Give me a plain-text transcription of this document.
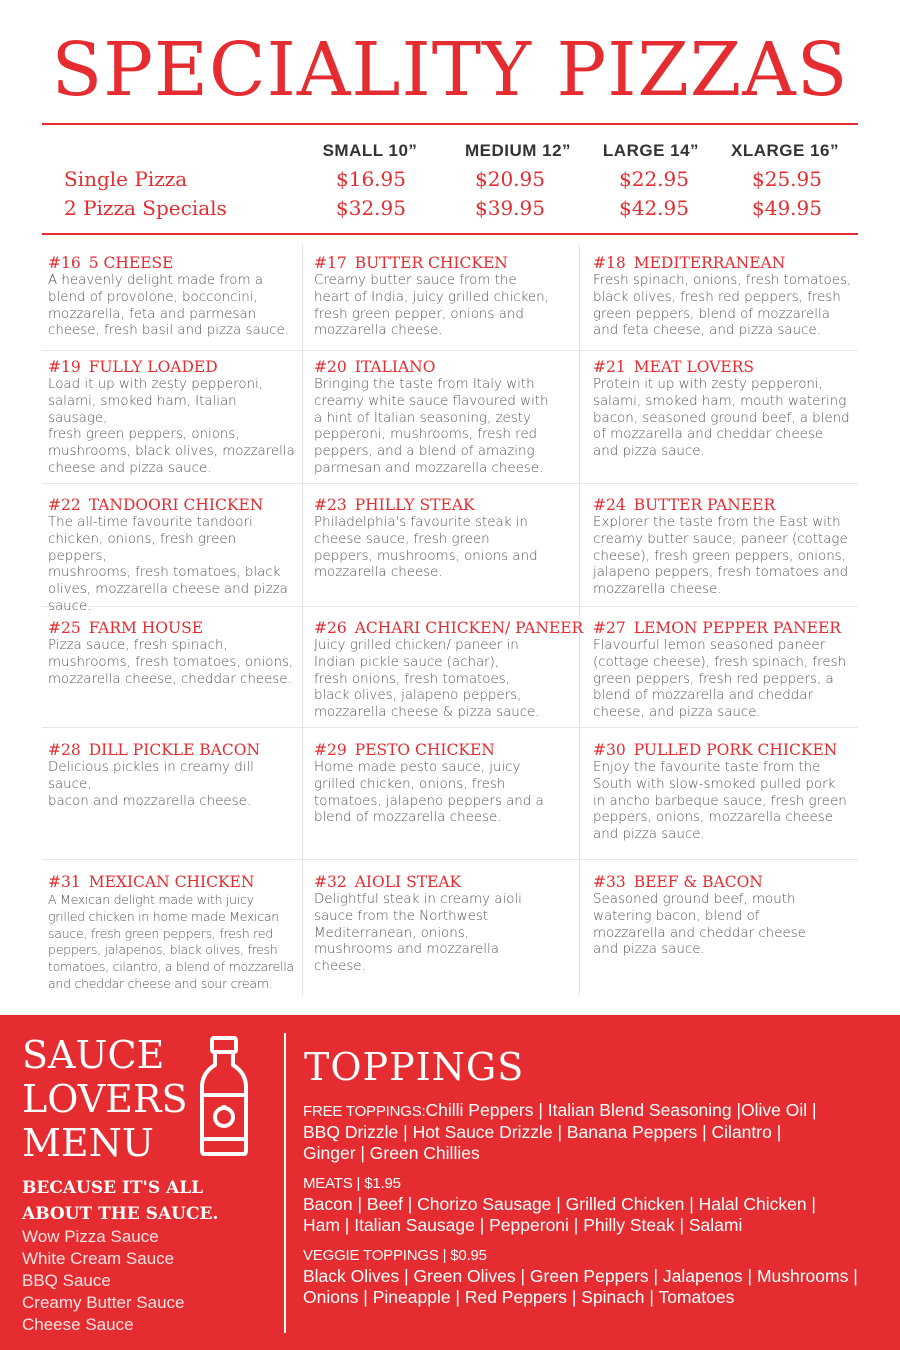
SPECIALITY PIZZAS
SMALL 10”	MEDIUM 12”	LARGE 14”	XLARGE 16”
Single Pizza	$16.95	$20.95	$22.95	$25.95
2 Pizza Specials	$32.95	$39.95	$42.95	$49.95
#16 5 CHEESE
A heavenly delight made from a
blend of provolone, bocconcini,
mozzarella, feta and parmesan
cheese, fresh basil and pizza sauce.
#17 BUTTER CHICKEN
Creamy butter sauce from the
heart of India, juicy grilled chicken,
fresh green pepper, onions and
mozzarella cheese.
#18 MEDITERRANEAN
Fresh spinach, onions, fresh tomatoes,
black olives, fresh red peppers, fresh
green peppers, blend of mozzarella
and feta cheese, and pizza sauce.
#19 FULLY LOADED
Load it up with zesty pepperoni,
salami, smoked ham, Italian sausage,
fresh green peppers, onions,
mushrooms, black olives, mozzarella
cheese and pizza sauce.
#20 ITALIANO
Bringing the taste from Italy with
creamy white sauce flavoured with
a hint of Italian seasoning, zesty
pepperoni, mushrooms, fresh red
peppers, and a blend of amazing
parmesan and mozzarella cheese.
#21 MEAT LOVERS
Protein it up with zesty pepperoni,
salami, smoked ham, mouth watering
bacon, seasoned ground beef, a blend
of mozzarella and cheddar cheese
and pizza sauce.
#22 TANDOORI CHICKEN
The all-time favourite tandoori
chicken, onions, fresh green peppers,
mushrooms, fresh tomatoes, black
olives, mozzarella cheese and pizza
sauce.
#23 PHILLY STEAK
Philadelphia's favourite steak in
cheese sauce, fresh green
peppers, mushrooms, onions and
mozzarella cheese.
#24 BUTTER PANEER
Explorer the taste from the East with
creamy butter sauce, paneer (cottage
cheese), fresh green peppers, onions,
jalapeno peppers, fresh tomatoes and
mozzarella cheese.
#25 FARM HOUSE
Pizza sauce, fresh spinach,
mushrooms, fresh tomatoes, onions,
mozzarella cheese, cheddar cheese.
#26 ACHARI CHICKEN/ PANEER
Juicy grilled chicken/ paneer in
Indian pickle sauce (achar),
fresh onions, fresh tomatoes,
black olives, jalapeno peppers,
mozzarella cheese & pizza sauce.
#27 LEMON PEPPER PANEER
Flavourful lemon seasoned paneer
(cottage cheese), fresh spinach, fresh
green peppers, fresh red peppers, a
blend of mozzarella and cheddar
cheese, and pizza sauce.
#28 DILL PICKLE BACON
Delicious pickles in creamy dill sauce,
bacon and mozzarella cheese.
#29 PESTO CHICKEN
Home made pesto sauce, juicy
grilled chicken, onions, fresh
tomatoes, jalapeno peppers and a
blend of mozzarella cheese.
#30 PULLED PORK CHICKEN
Enjoy the favourite taste from the
South with slow-smoked pulled pork
in ancho barbeque sauce, fresh green
peppers, onions, mozzarella cheese
and pizza sauce.
#31 MEXICAN CHICKEN
A Mexican delight made with juicy
grilled chicken in home made Mexican
sauce, fresh green peppers, fresh red
peppers, jalapenos, black olives, fresh
tomatoes, cilantro, a blend of mozzarella
and cheddar cheese and sour cream.
#32 AIOLI STEAK
Delightful steak in creamy aioli
sauce from the Northwest
Mediterranean, onions,
mushrooms and mozzarella
cheese.
#33 BEEF & BACON
Seasoned ground beef, mouth
watering bacon, blend of
mozzarella and cheddar cheese
and pizza sauce.
SAUCE
LOVERS
MENU
BECAUSE IT'S ALL
ABOUT THE SAUCE.
Wow Pizza Sauce
White Cream Sauce
BBQ Sauce
Creamy Butter Sauce
Cheese Sauce
TOPPINGS
FREE TOPPINGS:Chilli Peppers | Italian Blend Seasoning |Olive Oil |
BBQ Drizzle | Hot Sauce Drizzle | Banana Peppers | Cilantro |
Ginger | Green Chillies
MEATS | $1.95
Bacon | Beef | Chorizo Sausage | Grilled Chicken | Halal Chicken |
Ham | Italian Sausage | Pepperoni | Philly Steak | Salami
VEGGIE TOPPINGS | $0.95
Black Olives | Green Olives | Green Peppers | Jalapenos | Mushrooms |
Onions | Pineapple | Red Peppers | Spinach | Tomatoes
